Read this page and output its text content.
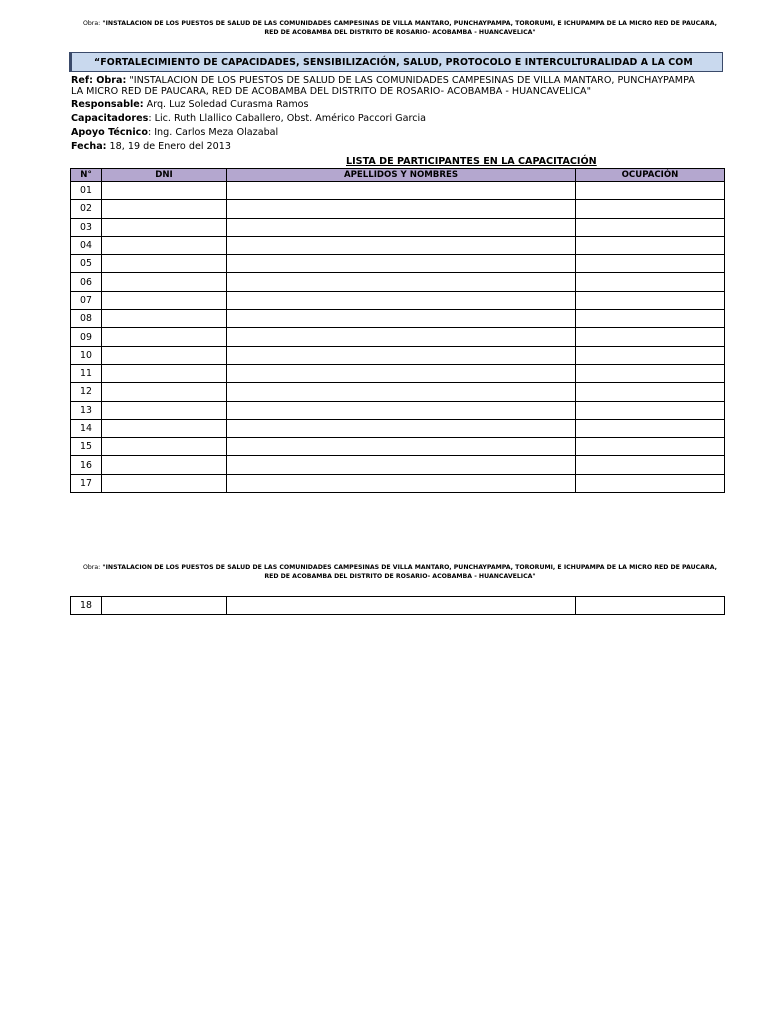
Obra: "INSTALACION DE LOS PUESTOS DE SALUD DE LAS COMUNIDADES CAMPESINAS DE VILLA MANTARO, PUNCHAYPAMPA, TORORUMI, E ICHUPAMPA DE LA MICRO RED DE PAUCARA,
RED DE ACOBAMBA DEL DISTRITO DE ROSARIO- ACOBAMBA - HUANCAVELICA"
“FORTALECIMIENTO DE CAPACIDADES, SENSIBILIZACIÓN, SALUD, PROTOCOLO E INTERCULTURALIDAD A LA COM
Ref: Obra: "INSTALACION DE LOS PUESTOS DE SALUD DE LAS COMUNIDADES CAMPESINAS DE VILLA MANTARO, PUNCHAYPAMPA
LA MICRO RED DE PAUCARA, RED DE ACOBAMBA DEL DISTRITO DE ROSARIO- ACOBAMBA - HUANCAVELICA"
Responsable: Arq. Luz Soledad Curasma Ramos
Capacitadores: Lic. Ruth Llallico Caballero, Obst. Américo Paccori Garcia
Apoyo Técnico: Ing. Carlos Meza Olazabal
Fecha: 18, 19 de Enero del 2013
LISTA DE PARTICIPANTES EN LA CAPACITACIÓN
N°	DNI	APELLIDOS Y NOMBRES	OCUPACIÓN
01			
02			
03			
04			
05			
06			
07			
08			
09			
10			
11			
12			
13			
14			
15			
16			
17			
Obra: "INSTALACION DE LOS PUESTOS DE SALUD DE LAS COMUNIDADES CAMPESINAS DE VILLA MANTARO, PUNCHAYPAMPA, TORORUMI, E ICHUPAMPA DE LA MICRO RED DE PAUCARA,
RED DE ACOBAMBA DEL DISTRITO DE ROSARIO- ACOBAMBA - HUANCAVELICA"
18			
